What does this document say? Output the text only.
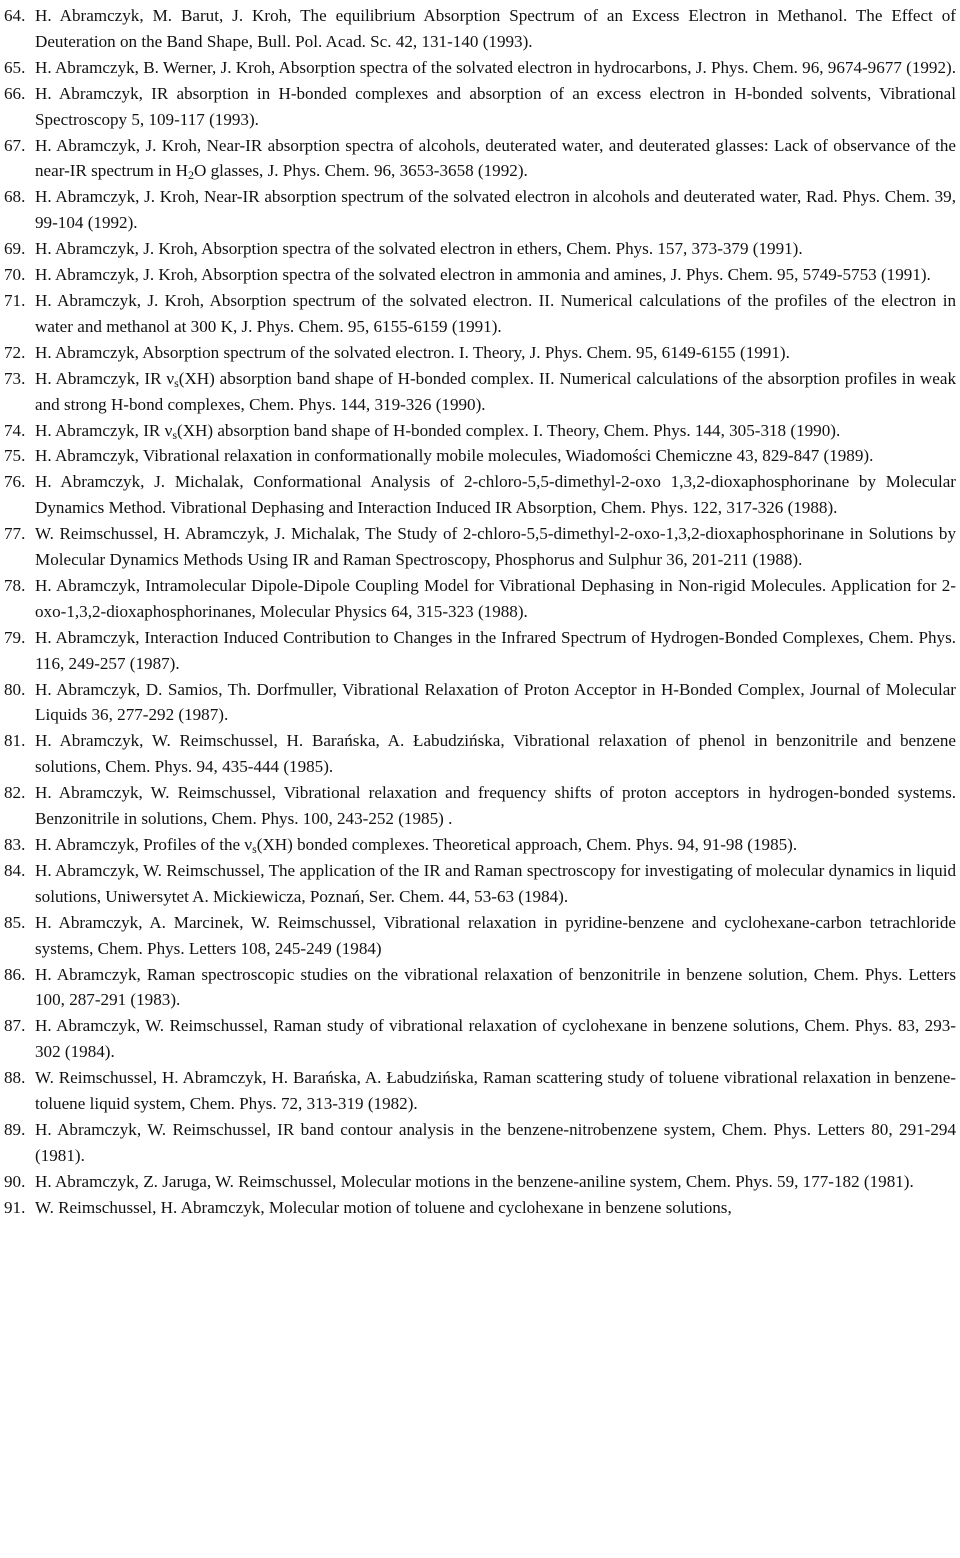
64. H. Abramczyk, M. Barut, J. Kroh, The equilibrium Absorption Spectrum of an Excess Electron in Methanol. The Effect of Deuteration on the Band Shape, Bull. Pol. Acad. Sc. 42, 131-140 (1993).
65. H. Abramczyk, B. Werner, J. Kroh, Absorption spectra of the solvated electron in hydrocarbons, J. Phys. Chem. 96, 9674-9677 (1992).
66. H. Abramczyk, IR absorption in H-bonded complexes and absorption of an excess electron in H-bonded solvents, Vibrational Spectroscopy 5, 109-117 (1993).
67. H. Abramczyk, J. Kroh, Near-IR absorption spectra of alcohols, deuterated water, and deuterated glasses: Lack of observance of the near-IR spectrum in $H_2O$ glasses, J. Phys. Chem. 96, 3653-3658 (1992).
68. H. Abramczyk, J. Kroh, Near-IR absorption spectrum of the solvated electron in alcohols and deuterated water, Rad. Phys. Chem. 39, 99-104 (1992).
69. H. Abramczyk, J. Kroh, Absorption spectra of the solvated electron in ethers, Chem. Phys. 157, 373-379 (1991).
70. H. Abramczyk, J. Kroh, Absorption spectra of the solvated electron in ammonia and amines, J. Phys. Chem. 95, 5749-5753 (1991).
71. H. Abramczyk, J. Kroh, Absorption spectrum of the solvated electron. II. Numerical calculations of the profiles of the electron in water and methanol at 300 K, J. Phys. Chem. 95, 6155-6159 (1991).
72. H. Abramczyk, Absorption spectrum of the solvated electron. I. Theory, J. Phys. Chem. 95, 6149-6155 (1991).
73. H. Abramczyk, IR $\nu_s(XH)$ absorption band shape of H-bonded complex. II. Numerical calculations of the absorption profiles in weak and strong H-bond complexes, Chem. Phys. 144, 319-326 (1990).
74. H. Abramczyk, IR $\nu_s(XH)$ absorption band shape of H-bonded complex. I. Theory, Chem. Phys. 144, 305-318 (1990).
75. H. Abramczyk, Vibrational relaxation in conformationally mobile molecules, Wiadomości Chemiczne 43, 829-847 (1989).
76. H. Abramczyk, J. Michalak, Conformational Analysis of 2-chloro-5,5-dimethyl-2-oxo 1,3,2-dioxaphosphorinane by Molecular Dynamics Method. Vibrational Dephasing and Interaction Induced IR Absorption, Chem. Phys. 122, 317-326 (1988).
77. W. Reimschussel, H. Abramczyk, J. Michalak, The Study of 2-chloro-5,5-dimethyl-2-oxo-1,3,2-dioxaphosphorinane in Solutions by Molecular Dynamics Methods Using IR and Raman Spectroscopy, Phosphorus and Sulphur 36, 201-211 (1988).
78. H. Abramczyk, Intramolecular Dipole-Dipole Coupling Model for Vibrational Dephasing in Non-rigid Molecules. Application for 2-oxo-1,3,2-dioxaphosphorinanes, Molecular Physics 64, 315-323 (1988).
79. H. Abramczyk, Interaction Induced Contribution to Changes in the Infrared Spectrum of Hydrogen-Bonded Complexes, Chem. Phys. 116, 249-257 (1987).
80. H. Abramczyk, D. Samios, Th. Dorfmuller, Vibrational Relaxation of Proton Acceptor in H-Bonded Complex, Journal of Molecular Liquids 36, 277-292 (1987).
81. H. Abramczyk, W. Reimschussel, H. Barańska, A. Łabudzińska, Vibrational relaxation of phenol in benzonitrile and benzene solutions, Chem. Phys. 94, 435-444 (1985).
82. H. Abramczyk, W. Reimschussel, Vibrational relaxation and frequency shifts of proton acceptors in hydrogen-bonded systems. Benzonitrile in solutions, Chem. Phys. 100, 243-252 (1985) .
83. H. Abramczyk, Profiles of the $\nu_s(XH)$ bonded complexes. Theoretical approach, Chem. Phys. 94, 91-98 (1985).
84. H. Abramczyk, W. Reimschussel, The application of the IR and Raman spectroscopy for investigating of molecular dynamics in liquid solutions, Uniwersytet A. Mickiewicza, Poznań, Ser. Chem. 44, 53-63 (1984).
85. H. Abramczyk, A. Marcinek, W. Reimschussel, Vibrational relaxation in pyridine-benzene and cyclohexane-carbon tetrachloride systems, Chem. Phys. Letters 108, 245-249 (1984)
86. H. Abramczyk, Raman spectroscopic studies on the vibrational relaxation of benzonitrile in benzene solution, Chem. Phys. Letters 100, 287-291 (1983).
87. H. Abramczyk, W. Reimschussel, Raman study of vibrational relaxation of cyclohexane in benzene solutions, Chem. Phys. 83, 293-302 (1984).
88. W. Reimschussel, H. Abramczyk, H. Barańska, A. Łabudzińska, Raman scattering study of toluene vibrational relaxation in benzene-toluene liquid system, Chem. Phys. 72, 313-319 (1982).
89. H. Abramczyk, W. Reimschussel, IR band contour analysis in the benzene-nitrobenzene system, Chem. Phys. Letters 80, 291-294 (1981).
90. H. Abramczyk, Z. Jaruga, W. Reimschussel, Molecular motions in the benzene-aniline system, Chem. Phys. 59, 177-182 (1981).
91. W. Reimschussel, H. Abramczyk, Molecular motion of toluene and cyclohexane in benzene solutions,
